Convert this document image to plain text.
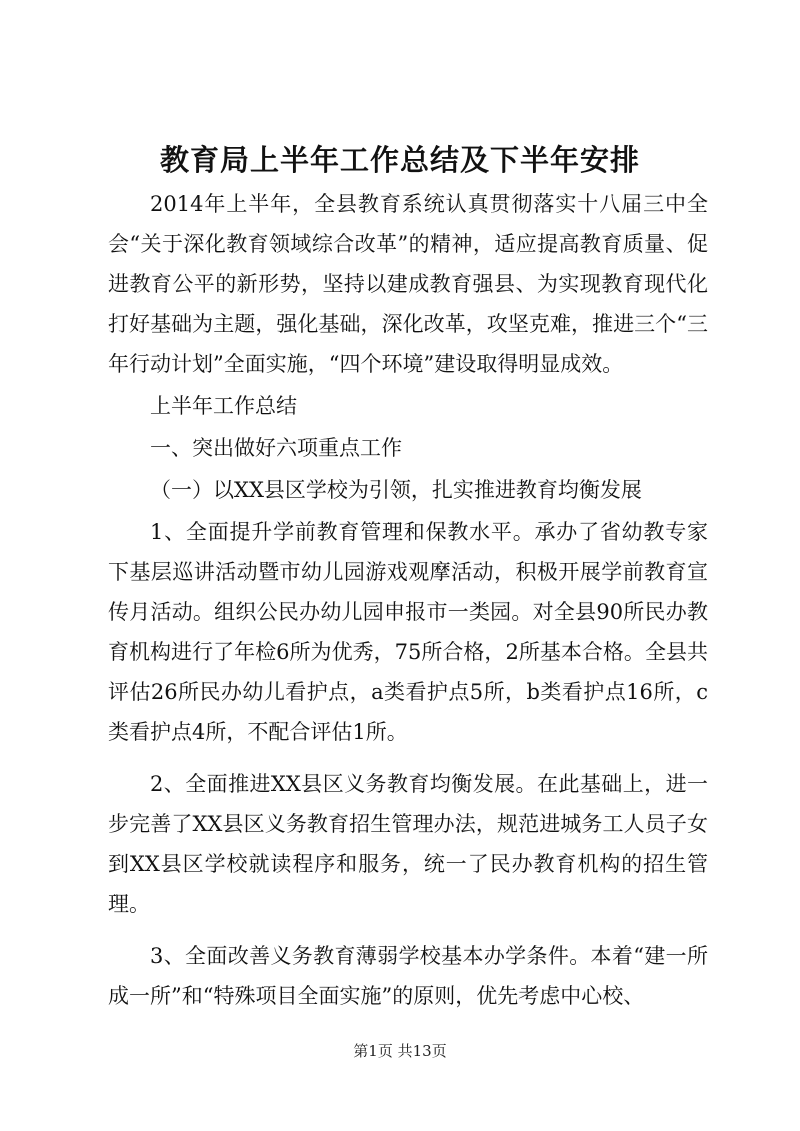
教育局上半年工作总结及下半年安排

2014年上半年，全县教育系统认真贯彻落实十八届三中全会“关于深化教育领域综合改革”的精神，适应提高教育质量、促进教育公平的新形势，坚持以建成教育强县、为实现教育现代化打好基础为主题，强化基础，深化改革，攻坚克难，推进三个“三年行动计划”全面实施，“四个环境”建设取得明显成效。

上半年工作总结

一、突出做好六项重点工作

（一）以XX县区学校为引领，扎实推进教育均衡发展

1、全面提升学前教育管理和保教水平。承办了省幼教专家下基层巡讲活动暨市幼儿园游戏观摩活动，积极开展学前教育宣传月活动。组织公民办幼儿园申报市一类园。对全县90所民办教育机构进行了年检6所为优秀，75所合格，2所基本合格。全县共评估26所民办幼儿看护点，a类看护点5所，b类看护点16所，c类看护点4所，不配合评估1所。

2、全面推进XX县区义务教育均衡发展。在此基础上，进一步完善了XX县区义务教育招生管理办法，规范进城务工人员子女到XX县区学校就读程序和服务，统一了民办教育机构的招生管理。

3、全面改善义务教育薄弱学校基本办学条件。本着“建一所成一所”和“特殊项目全面实施”的原则，优先考虑中心校、

第1页 共13页
